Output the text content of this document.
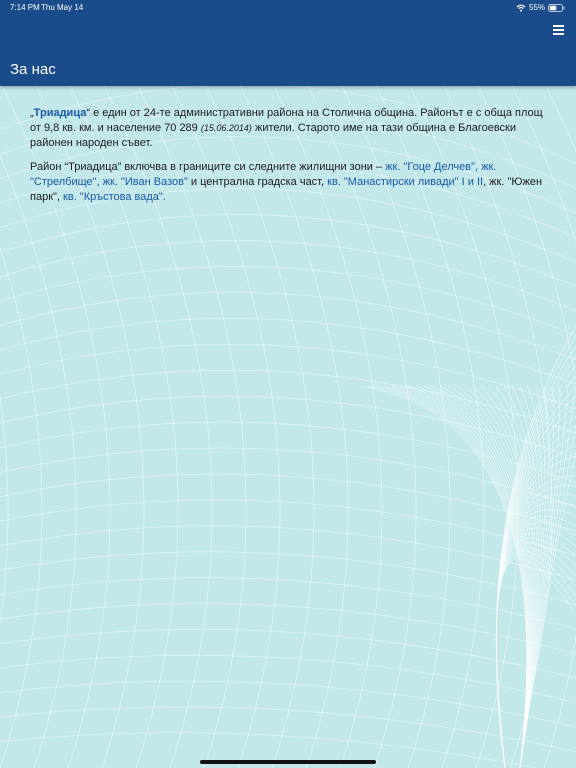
7:14 PM Thu May 14	55%
За нас

„Триадица“ е един от 24-те административни района на Столична община. Районът е с обща площ от 9,8 кв. км. и население 70 289 (15.06.2014) жители. Старото име на тази община е Благоевски районен народен съвет.

Район “Триадица” включва в границите си следните жилищни зони – жк. "Гоце Делчев", жк. "Стрелбище", жк. "Иван Вазов" и централна градска част, кв. "Манастирски ливади" I и II, жк. "Южен парк", кв. "Кръстова вада".
